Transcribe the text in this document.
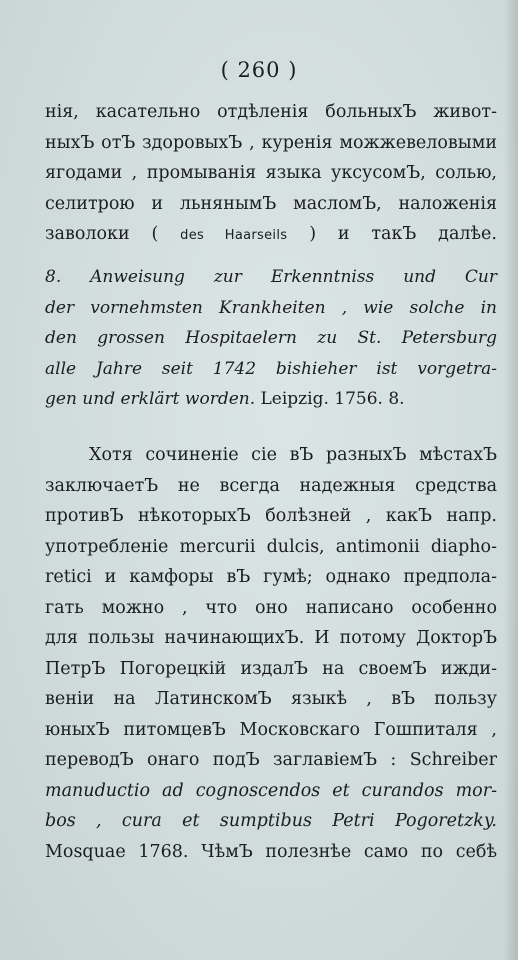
( 260 )
нія, касательно отдѣленія больныхЪ живот-
ныхЪ отЪ здоровыхЪ , куренія можжевеловыми
ягодами , промыванія языка уксусомЪ, солью,
селитрою и льнянымЪ масломЪ, наложенія
заволоки ( des Haarseils ) и такЪ далѣе.
8. Anweisung zur Erkenntniss und Cur
der vornehmsten Krankheiten , wie solche in
den grossen Hospitaelern zu St. Petersburg
alle Jahre seit 1742 bishieher ist vorgetra-
gen und erklärt worden. Leipzig. 1756. 8.
Хотя сочиненіе сіе вЪ разныхЪ мѣстахЪ
заключаетЪ не всегда надежныя средства
противЪ нѣкоторыхЪ болѣзней , какЪ напр.
употребленіе mercurii dulcis, antimonii diapho-
retici и камфоры вЪ гумѣ; однако предпола-
гать можно , что оно написано особенно
для пользы начинающихЪ. И потому ДокторЪ
ПетрЪ Погорецкій издалЪ на своемЪ ижди-
веніи на ЛатинскомЪ языкѣ , вЪ пользу
юныхЪ питомцевЪ Московскаго Гошпиталя ,
переводЪ онаго подЪ заглавіемЪ : Schreiber
manuductio ad cognoscendos et curandos mor-
bos , cura et sumptibus Petri Pogoretzky.
Mosquae 1768. ЧѣмЪ полезнѣе само по себѣ
